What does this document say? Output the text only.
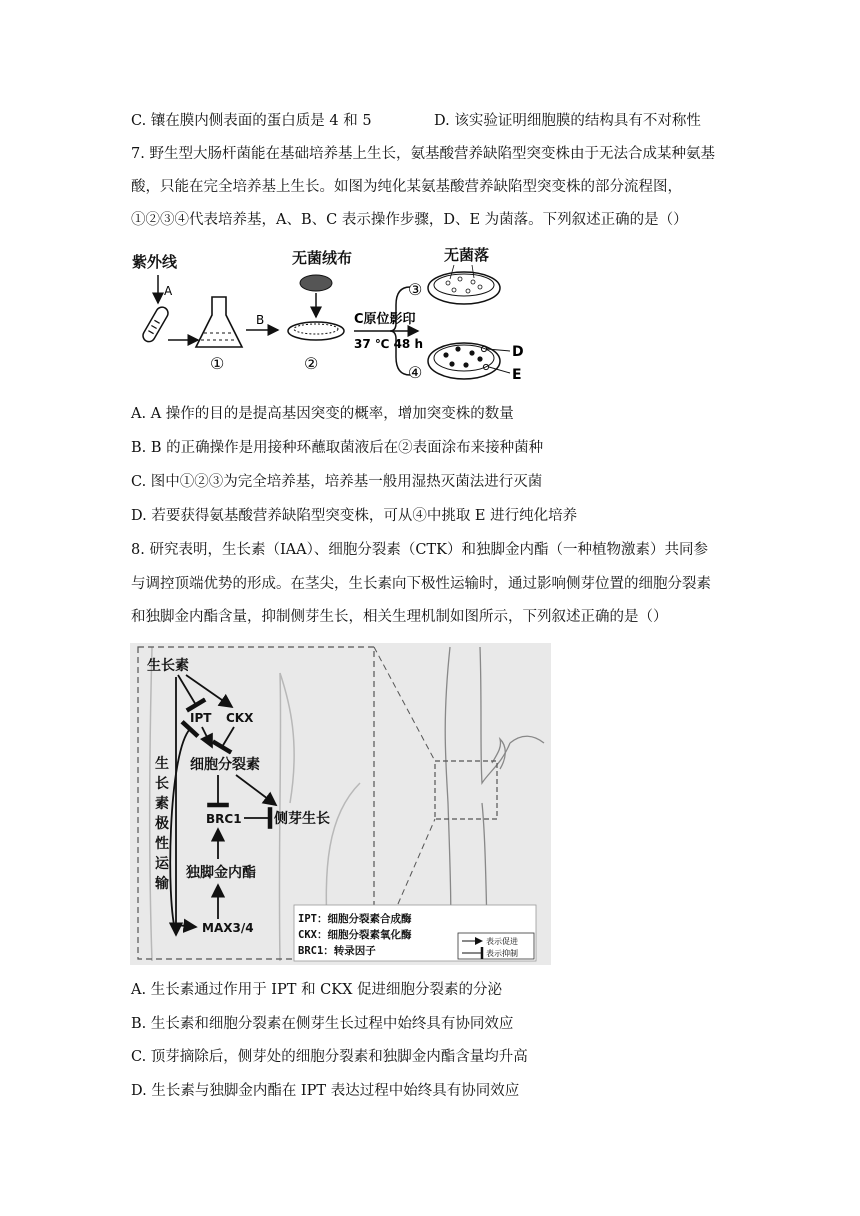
C. 镶在膜内侧表面的蛋白质是 4 和 5	D. 该实验证明细胞膜的结构具有不对称性
7. 野生型大肠杆菌能在基础培养基上生长，氨基酸营养缺陷型突变株由于无法合成某种氨基
酸，只能在完全培养基上生长。如图为纯化某氨基酸营养缺陷型突变株的部分流程图，
①②③④代表培养基，A、B、C 表示操作步骤，D、E 为菌落。下列叙述正确的是（）
紫外线	无菌绒布	无菌落
A
①
B
②
C原位影印
37 ℃ 48 h
③
④
D
E
A. A 操作的目的是提高基因突变的概率，增加突变株的数量
B. B 的正确操作是用接种环蘸取菌液后在②表面涂布来接种菌种
C. 图中①②③为完全培养基，培养基一般用湿热灭菌法进行灭菌
D. 若要获得氨基酸营养缺陷型突变株，可从④中挑取 E 进行纯化培养
8. 研究表明，生长素（IAA）、细胞分裂素（CTK）和独脚金内酯（一种植物激素）共同参
与调控顶端优势的形成。在茎尖，生长素向下极性运输时，通过影响侧芽位置的细胞分裂素
和独脚金内酯含量，抑制侧芽生长，相关生理机制如图所示，下列叙述正确的是（）
生长素
IPT CKX
细胞分裂素
BRC1 侧芽生长
独脚金内酯
MAX3/4
生
长
素
极
性
运
输
IPT：细胞分裂素合成酶
CKX：细胞分裂素氧化酶
BRC1：转录因子
表示促进
表示抑制
A. 生长素通过作用于 IPT 和 CKX 促进细胞分裂素的分泌
B. 生长素和细胞分裂素在侧芽生长过程中始终具有协同效应
C. 顶芽摘除后，侧芽处的细胞分裂素和独脚金内酯含量均升高
D. 生长素与独脚金内酯在 IPT 表达过程中始终具有协同效应
